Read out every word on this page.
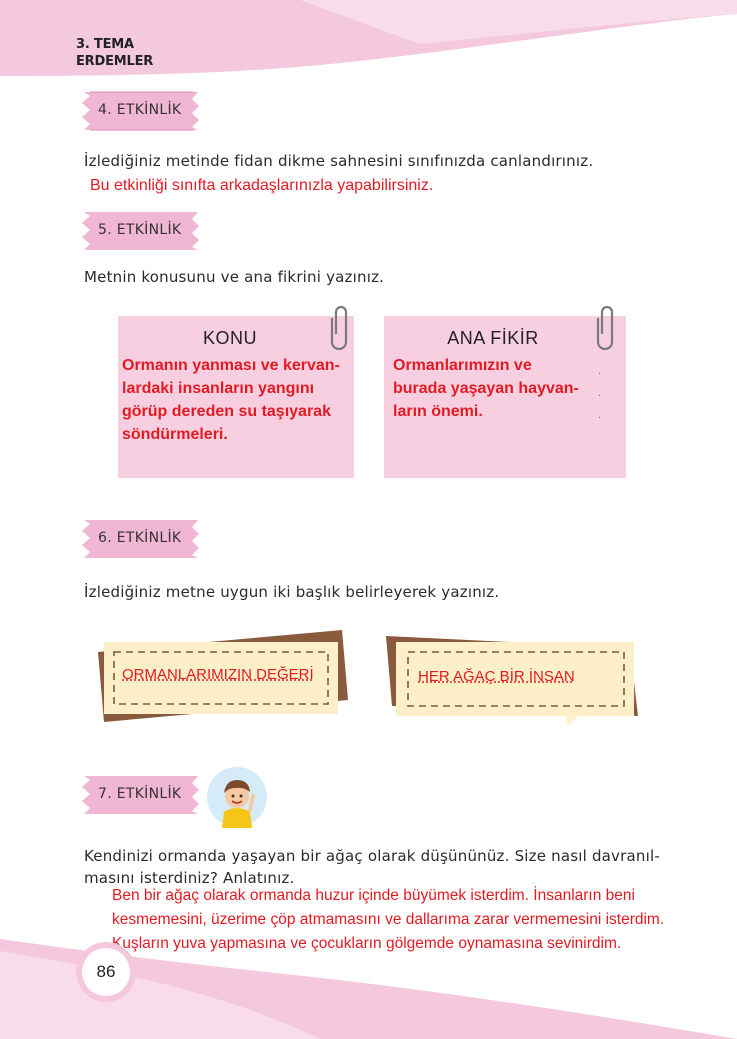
3. TEMA
ERDEMLER
4. ETKİNLİK
İzlediğiniz metinde fidan dikme sahnesini sınıfınızda canlandırınız.
Bu etkinliği sınıfta arkadaşlarınızla yapabilirsiniz.
5. ETKİNLİK
Metnin konusunu ve ana fikrini yazınız.
KONU
Ormanın yanması ve kervan-
lardaki insanların yangını
görüp dereden su taşıyarak
söndürmeleri.
ANA FİKİR
Ormanlarımızın ve
burada yaşayan hayvan-
ların önemi.
·
·
·
6. ETKİNLİK
İzlediğiniz metne uygun iki başlık belirleyerek yazınız.
ORMANLARIMIZIN DEĞERİ	HER AĞAÇ BİR İNSAN
7. ETKİNLİK
Kendinizi ormanda yaşayan bir ağaç olarak düşününüz. Size nasıl davranıl-
masını isterdiniz? Anlatınız.
Ben bir ağaç olarak ormanda huzur içinde büyümek isterdim. İnsanların beni
kesmemesini, üzerime çöp atmamasını ve dallarıma zarar vermemesini isterdim.
Kuşların yuva yapmasına ve çocukların gölgemde oynamasına sevinirdim.
86
